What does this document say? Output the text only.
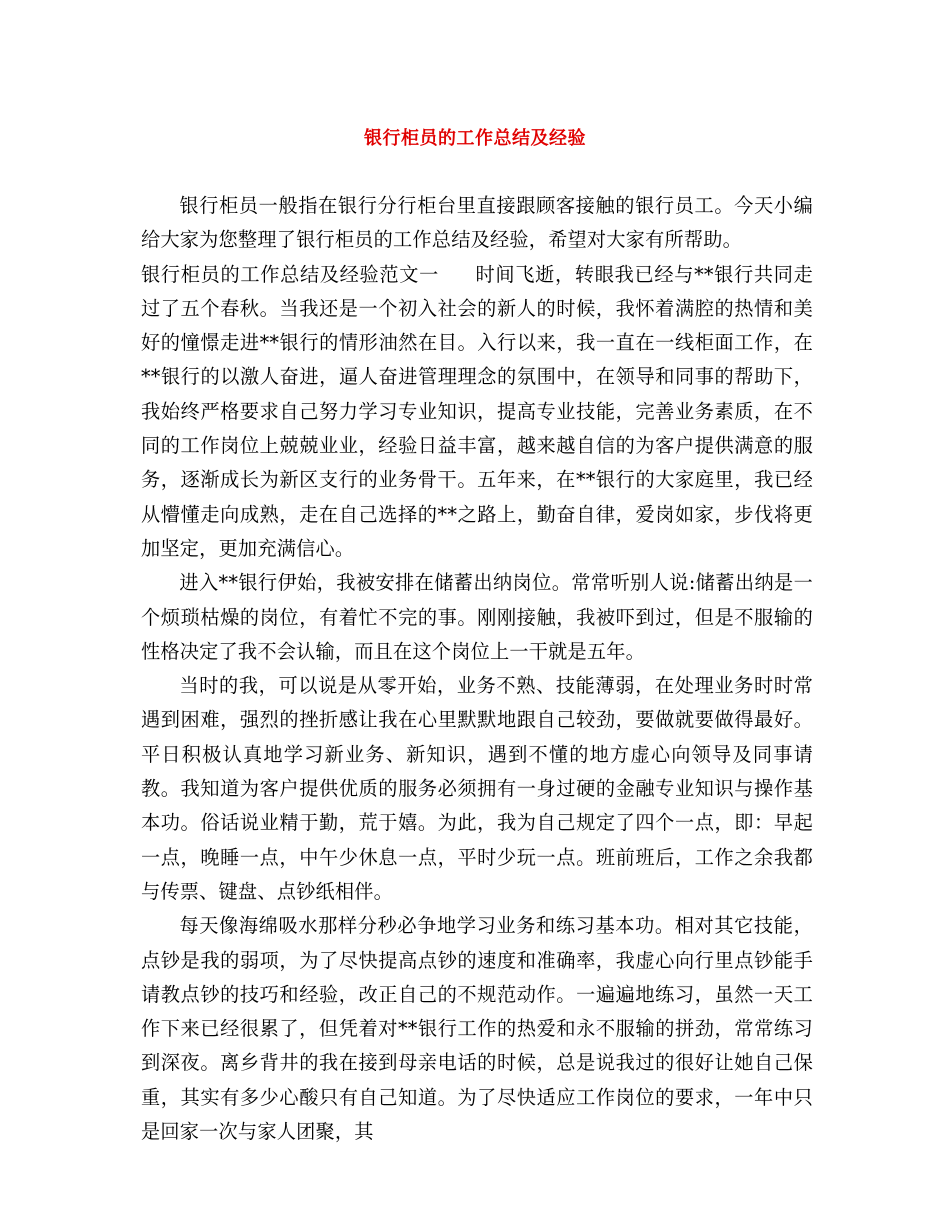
银行柜员的工作总结及经验

银行柜员一般指在银行分行柜台里直接跟顾客接触的银行员工。今天小编给大家为您整理了银行柜员的工作总结及经验，希望对大家有所帮助。

银行柜员的工作总结及经验范文一 时间飞逝，转眼我已经与**银行共同走过了五个春秋。当我还是一个初入社会的新人的时候，我怀着满腔的热情和美好的憧憬走进**银行的情形油然在目。入行以来，我一直在一线柜面工作，在**银行的以激人奋进，逼人奋进管理理念的氛围中，在领导和同事的帮助下，我始终严格要求自己努力学习专业知识，提高专业技能，完善业务素质，在不同的工作岗位上兢兢业业，经验日益丰富，越来越自信的为客户提供满意的服务，逐渐成长为新区支行的业务骨干。五年来，在**银行的大家庭里，我已经从懵懂走向成熟，走在自己选择的**之路上，勤奋自律，爱岗如家，步伐将更加坚定，更加充满信心。

进入**银行伊始，我被安排在储蓄出纳岗位。常常听别人说:储蓄出纳是一个烦琐枯燥的岗位，有着忙不完的事。刚刚接触，我被吓到过，但是不服输的性格决定了我不会认输，而且在这个岗位上一干就是五年。

当时的我，可以说是从零开始，业务不熟、技能薄弱，在处理业务时时常遇到困难，强烈的挫折感让我在心里默默地跟自己较劲，要做就要做得最好。平日积极认真地学习新业务、新知识，遇到不懂的地方虚心向领导及同事请教。我知道为客户提供优质的服务必须拥有一身过硬的金融专业知识与操作基本功。俗话说业精于勤，荒于嬉。为此，我为自己规定了四个一点，即：早起一点，晚睡一点，中午少休息一点，平时少玩一点。班前班后，工作之余我都与传票、键盘、点钞纸相伴。

每天像海绵吸水那样分秒必争地学习业务和练习基本功。相对其它技能，点钞是我的弱项，为了尽快提高点钞的速度和准确率，我虚心向行里点钞能手请教点钞的技巧和经验，改正自己的不规范动作。一遍遍地练习，虽然一天工作下来已经很累了，但凭着对**银行工作的热爱和永不服输的拼劲，常常练习到深夜。离乡背井的我在接到母亲电话的时候，总是说我过的很好让她自己保重，其实有多少心酸只有自己知道。为了尽快适应工作岗位的要求，一年中只是回家一次与家人团聚，其
